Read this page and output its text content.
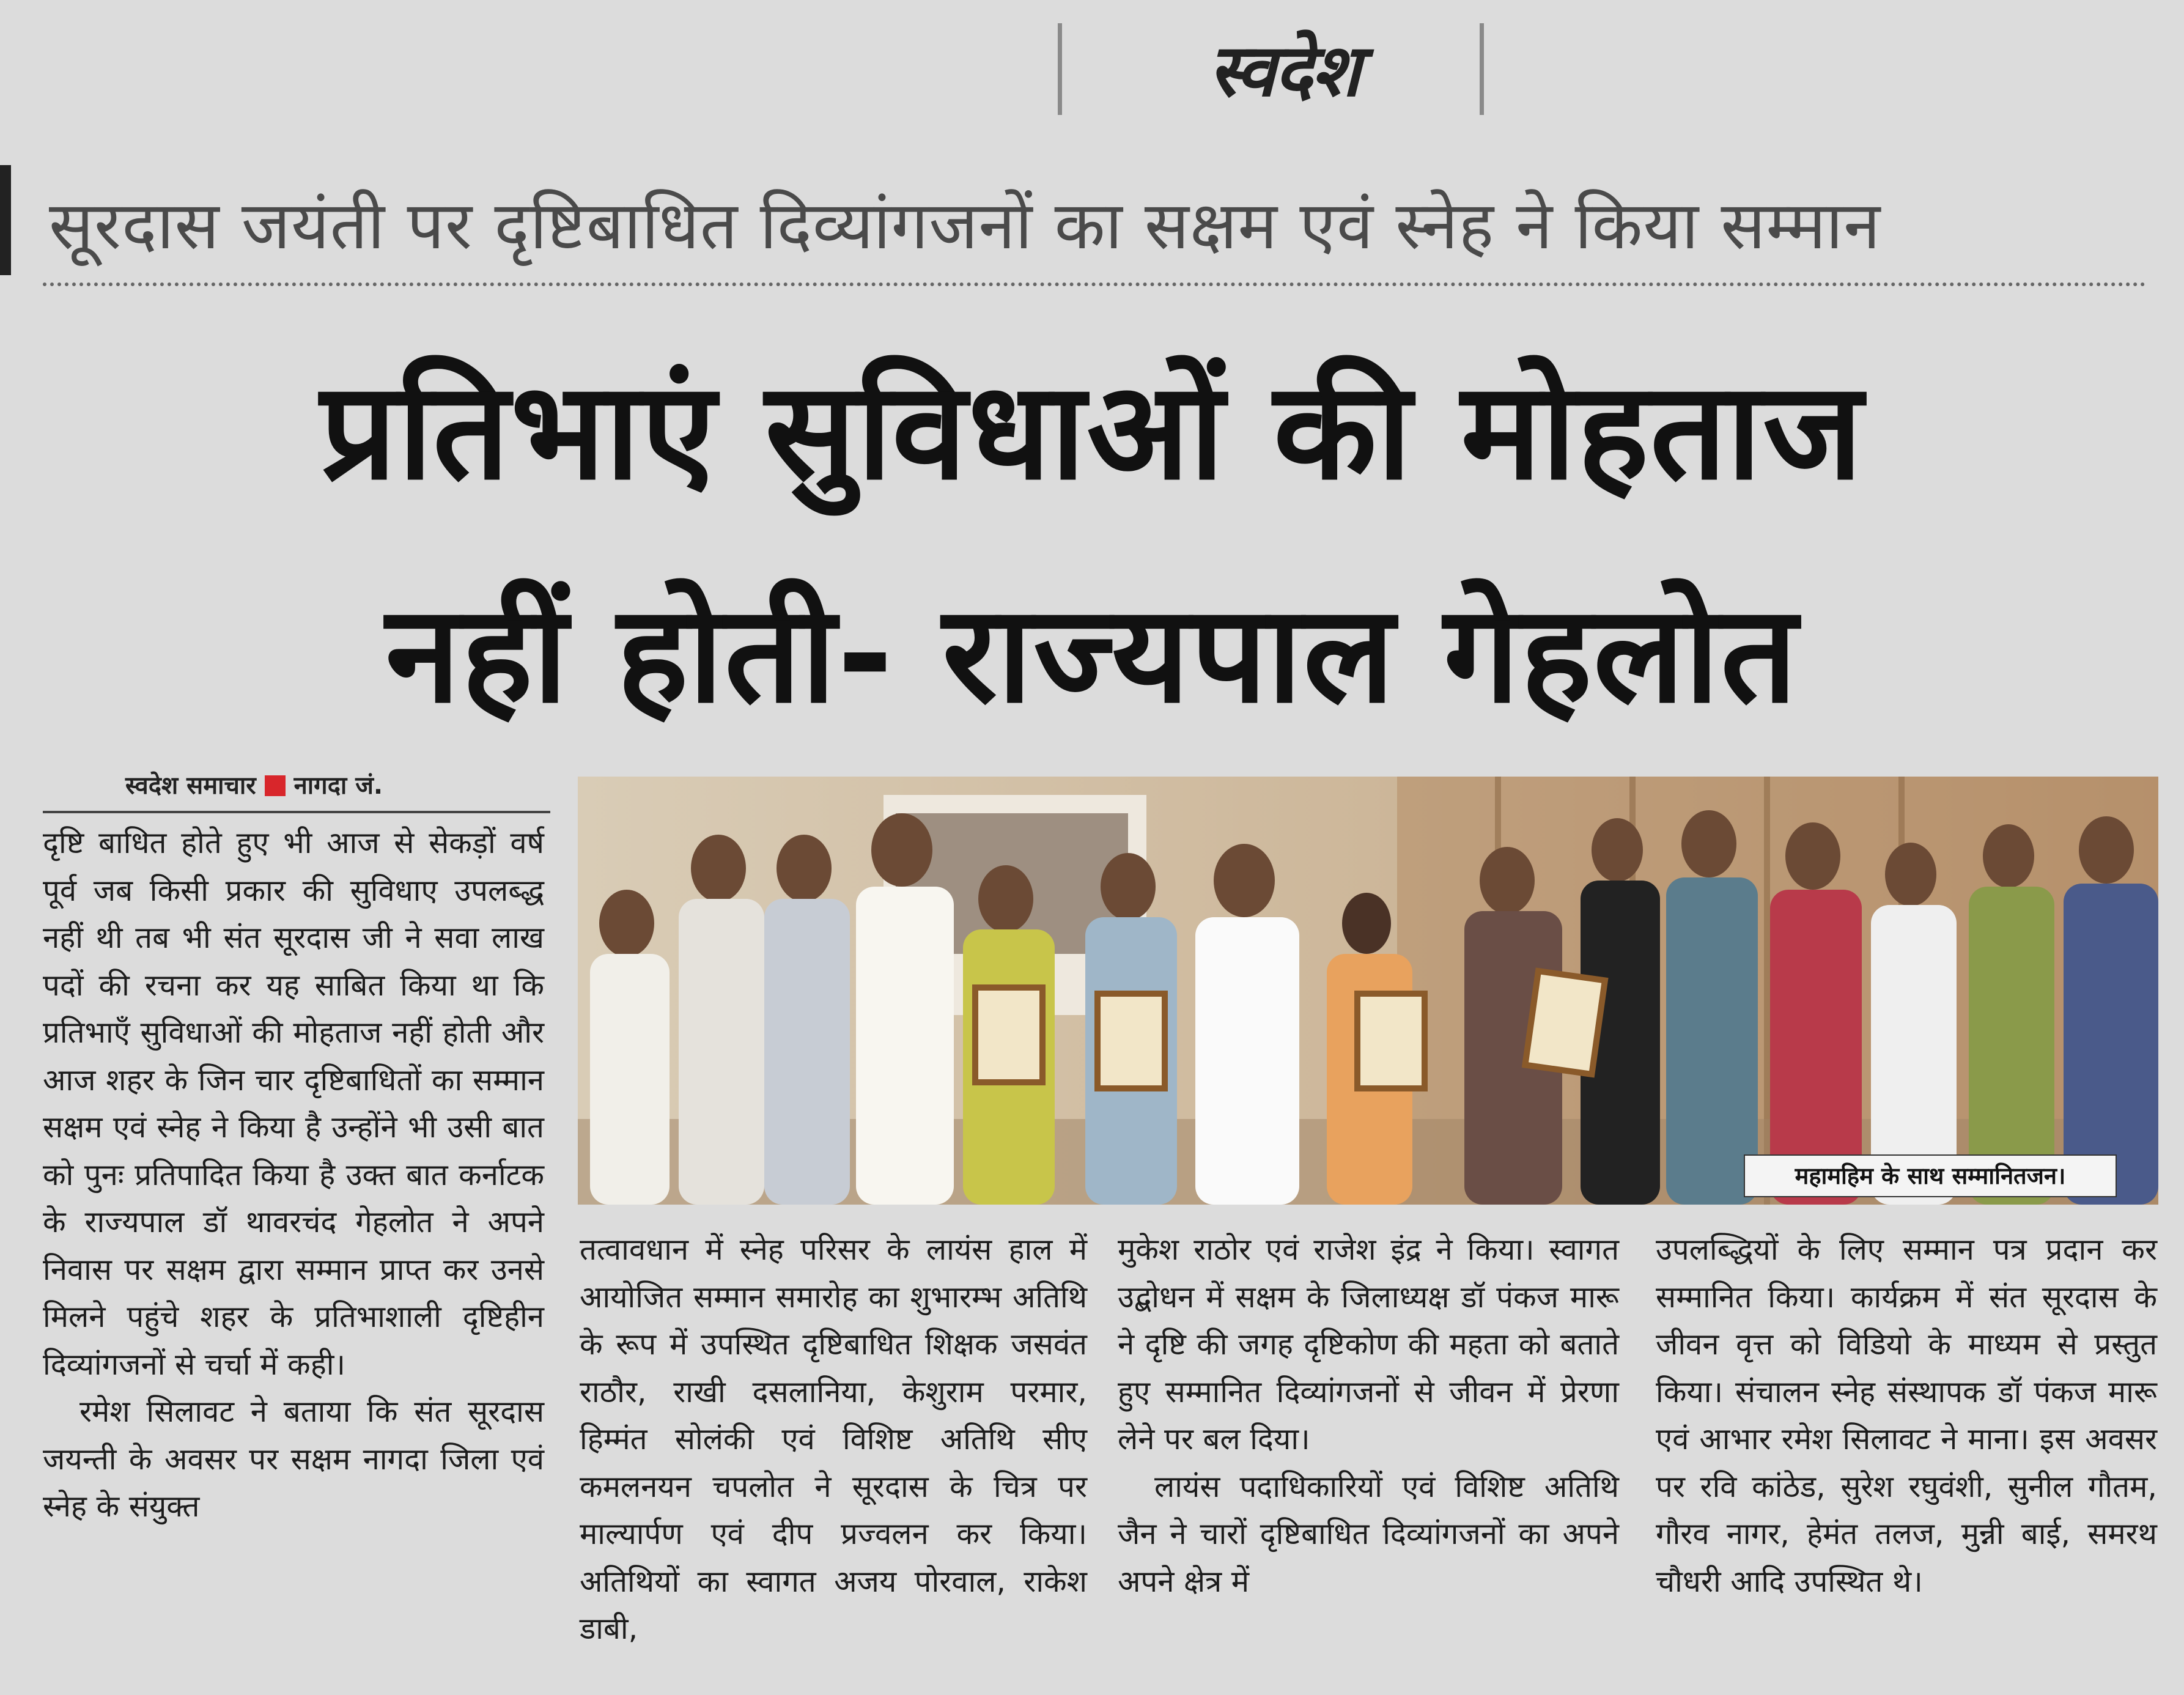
स्वदेश
सूरदास जयंती पर दृष्टिबाधित दिव्यांगजनों का सक्षम एवं स्नेह ने किया सम्मान
प्रतिभाएं सुविधाओं की मोहताज
नहीं होती- राज्यपाल गेहलोत
स्वदेश समाचार नागदा जं.
महामहिम के साथ सम्मानितजन।

दृष्टि बाधित होते हुए भी आज से सेकड़ों वर्ष पूर्व जब किसी प्रकार की सुविधाए उपलब्द्ध नहीं थी तब भी संत सूरदास जी ने सवा लाख पदों की रचना कर यह साबित किया था कि प्रतिभाएँ सुविधाओं की मोहताज नहीं होती और आज शहर के जिन चार दृष्टिबाधितों का सम्मान सक्षम एवं स्नेह ने किया है उन्होंने भी उसी बात को पुनः प्रतिपादित किया है उक्त बात कर्नाटक के राज्यपाल डॉ थावरचंद गेहलोत ने अपने निवास पर सक्षम द्वारा सम्मान प्राप्त कर उनसे मिलने पहुंचे शहर के प्रतिभाशाली दृष्टिहीन दिव्यांगजनों से चर्चा में कही।

रमेश सिलावट ने बताया कि संत सूरदास जयन्ती के अवसर पर सक्षम नागदा जिला एवं स्नेह के संयुक्त

तत्वावधान में स्नेह परिसर के लायंस हाल में आयोजित सम्मान समारोह का शुभारम्भ अतिथि के रूप में उपस्थित दृष्टिबाधित शिक्षक जसवंत राठौर, राखी दसलानिया, केशुराम परमार, हिम्मंत सोलंकी एवं विशिष्ट अतिथि सीए कमलनयन चपलोत ने सूरदास के चित्र पर माल्यार्पण एवं दीप प्रज्वलन कर किया। अतिथियों का स्वागत अजय पोरवाल, राकेश डाबी,

मुकेश राठोर एवं राजेश इंद्र ने किया। स्वागत उद्बोधन में सक्षम के जिलाध्यक्ष डॉ पंकज मारू ने दृष्टि की जगह दृष्टिकोण की महता को बताते हुए सम्मानित दिव्यांगजनों से जीवन में प्रेरणा लेने पर बल दिया।

लायंस पदाधिकारियों एवं विशिष्ट अतिथि जैन ने चारों दृष्टिबाधित दिव्यांगजनों का अपने अपने क्षेत्र में

उपलब्द्धियों के लिए सम्मान पत्र प्रदान कर सम्मानित किया। कार्यक्रम में संत सूरदास के जीवन वृत्त को विडियो के माध्यम से प्रस्तुत किया। संचालन स्नेह संस्थापक डॉ पंकज मारू एवं आभार रमेश सिलावट ने माना। इस अवसर पर रवि कांठेड, सुरेश रघुवंशी, सुनील गौतम, गौरव नागर, हेमंत तलज, मुन्नी बाई, समरथ चौधरी आदि उपस्थित थे।
